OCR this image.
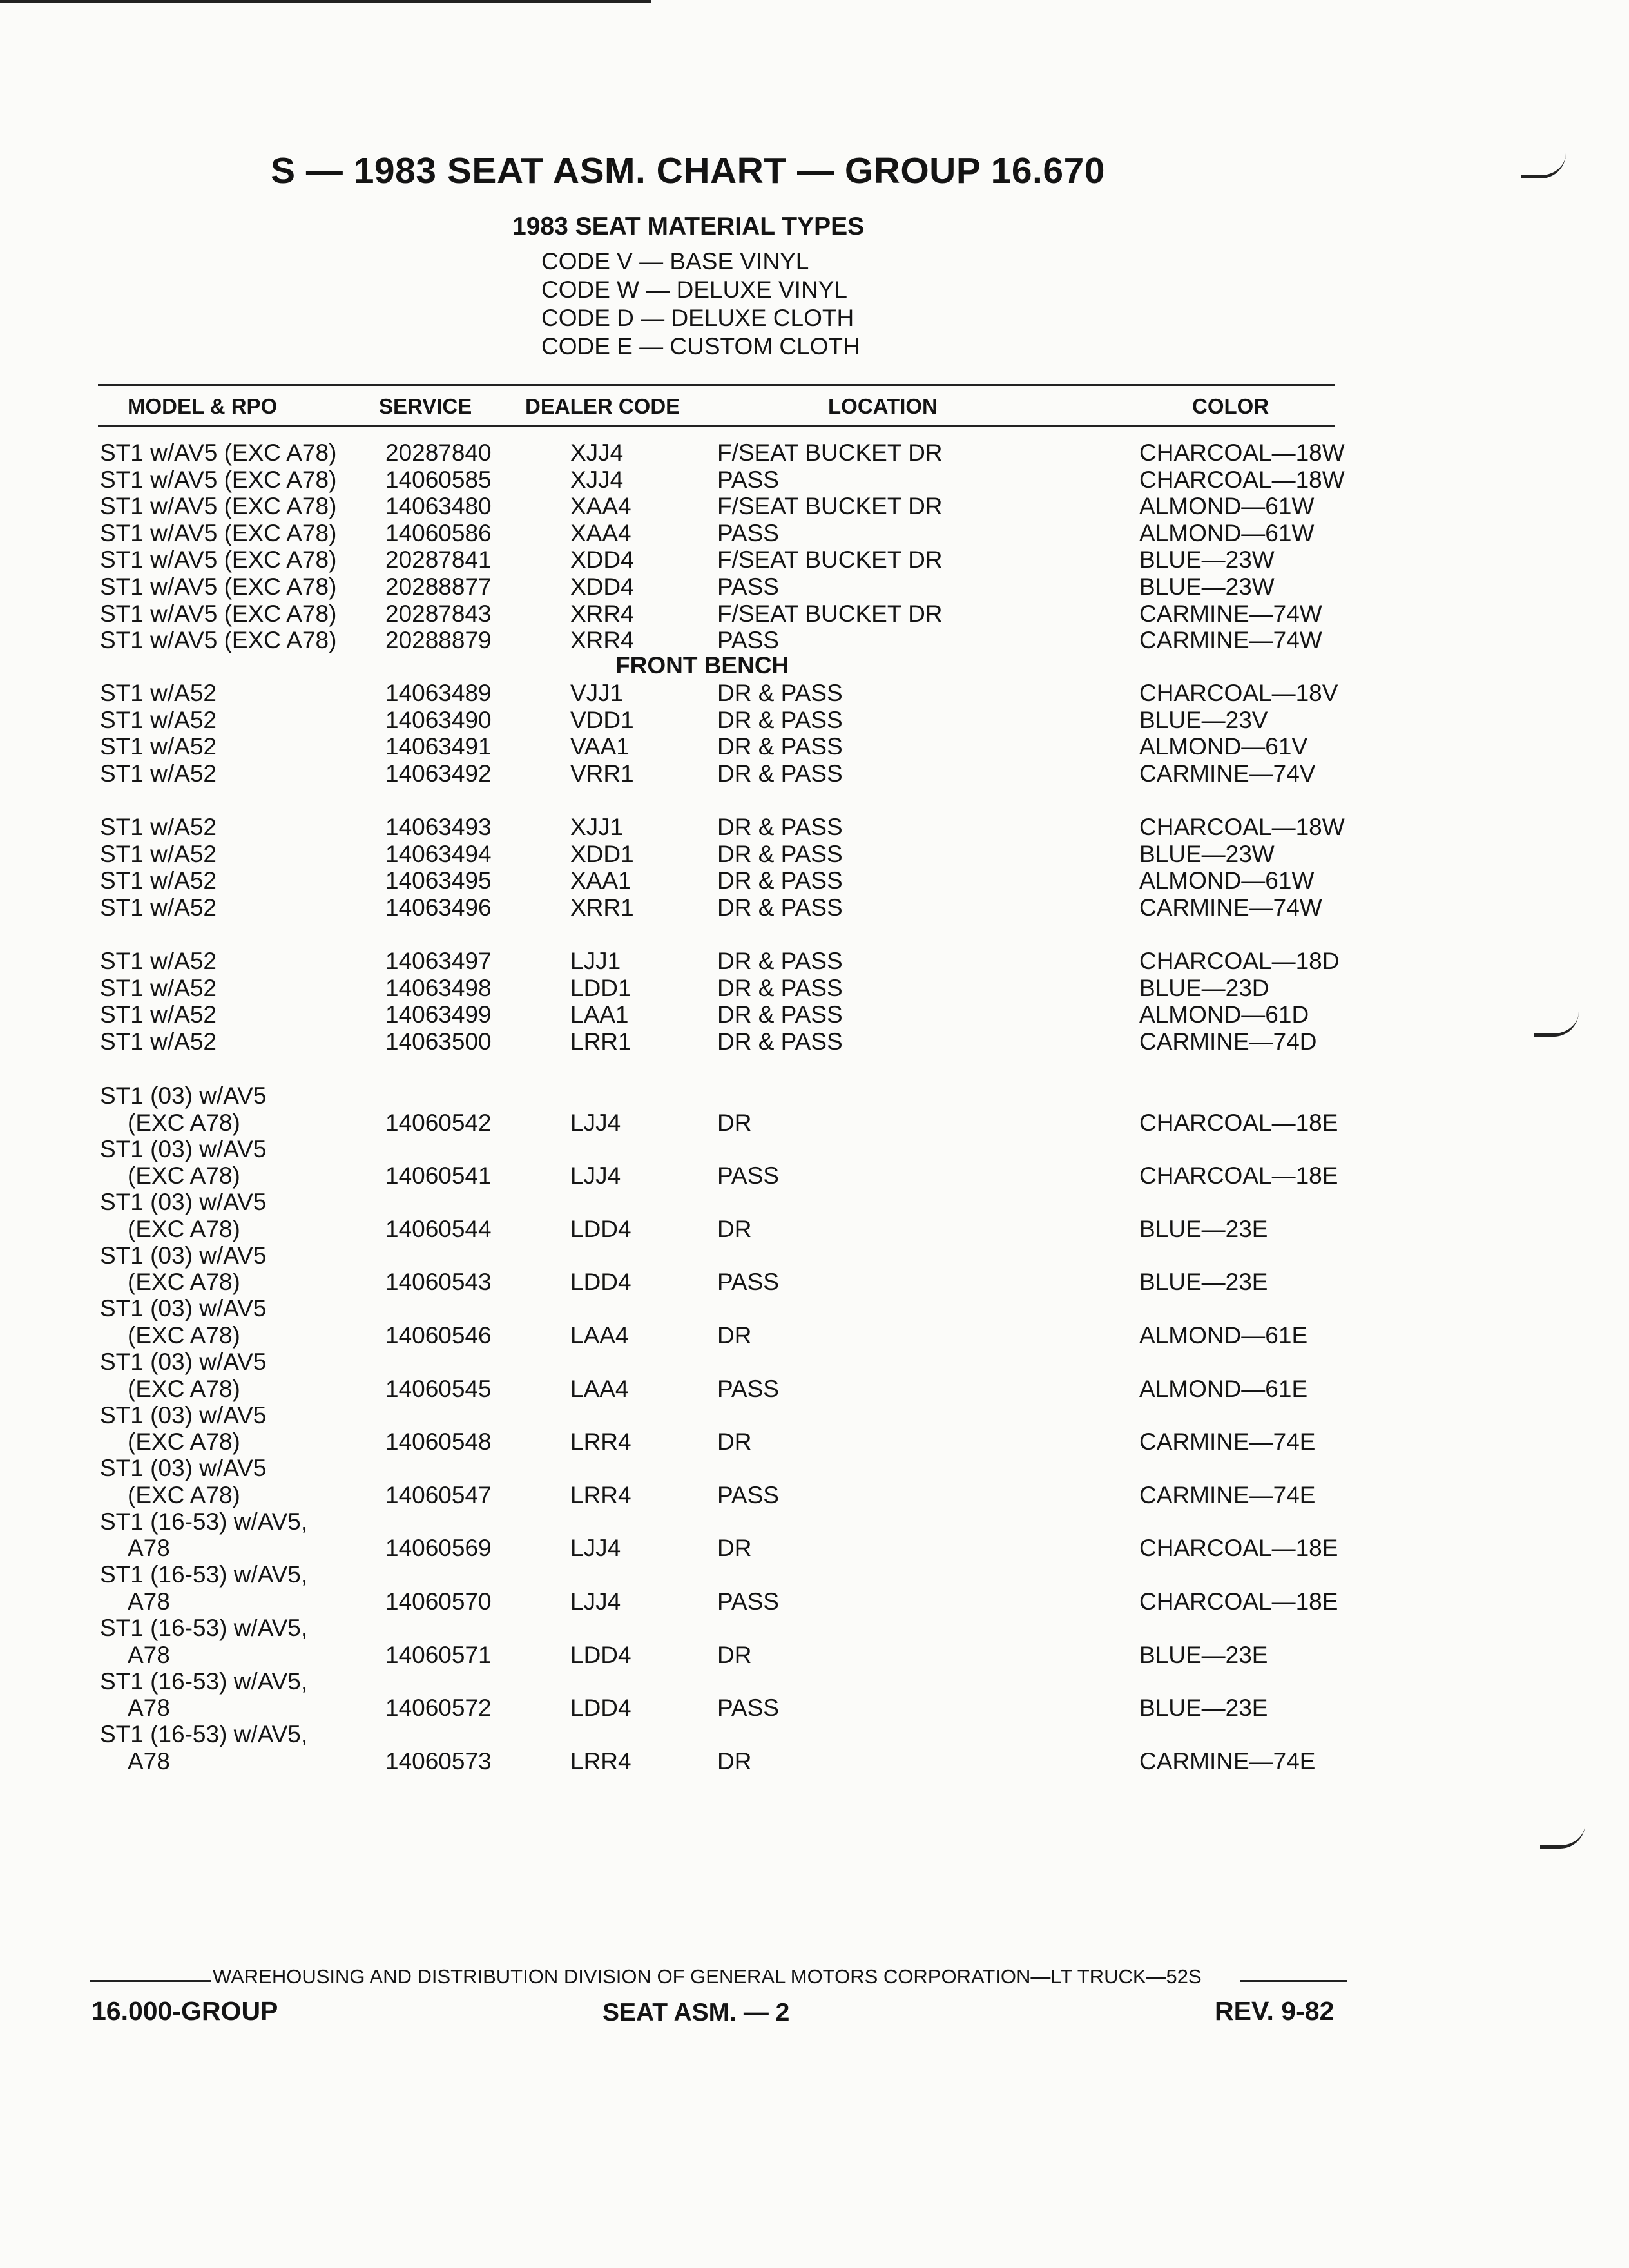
S — 1983 SEAT ASM. CHART — GROUP 16.670
1983 SEAT MATERIAL TYPES
CODE V — BASE VINYL
CODE W — DELUXE VINYL
CODE D — DELUXE CLOTH
CODE E — CUSTOM CLOTH
MODEL & RPO	SERVICE	DEALER CODE	LOCATION	COLOR
ST1 w/AV5 (EXC A78) 20287840	XJJ4	F/SEAT BUCKET DR	CHARCOAL—18W
ST1 w/AV5 (EXC A78) 14060585	XJJ4	PASS	CHARCOAL—18W
ST1 w/AV5 (EXC A78) 14063480	XAA4	F/SEAT BUCKET DR	ALMOND—61W
ST1 w/AV5 (EXC A78) 14060586	XAA4	PASS	ALMOND—61W
ST1 w/AV5 (EXC A78) 20287841	XDD4	F/SEAT BUCKET DR	BLUE—23W
ST1 w/AV5 (EXC A78) 20288877	XDD4	PASS	BLUE—23W
ST1 w/AV5 (EXC A78) 20287843	XRR4	F/SEAT BUCKET DR	CARMINE—74W
ST1 w/AV5 (EXC A78) 20288879	XRR4	PASS	CARMINE—74W
FRONT BENCH
ST1 w/A52	14063489	VJJ1	DR & PASS	CHARCOAL—18V
ST1 w/A52	14063490	VDD1	DR & PASS	BLUE—23V
ST1 w/A52	14063491	VAA1	DR & PASS	ALMOND—61V
ST1 w/A52	14063492	VRR1	DR & PASS	CARMINE—74V
ST1 w/A52	14063493	XJJ1	DR & PASS	CHARCOAL—18W
ST1 w/A52	14063494	XDD1	DR & PASS	BLUE—23W
ST1 w/A52	14063495	XAA1	DR & PASS	ALMOND—61W
ST1 w/A52	14063496	XRR1	DR & PASS	CARMINE—74W
ST1 w/A52	14063497	LJJ1	DR & PASS	CHARCOAL—18D
ST1 w/A52	14063498	LDD1	DR & PASS	BLUE—23D
ST1 w/A52	14063499	LAA1	DR & PASS	ALMOND—61D
ST1 w/A52	14063500	LRR1	DR & PASS	CARMINE—74D
ST1 (03) w/AV5
(EXC A78)	14060542	LJJ4	DR	CHARCOAL—18E
ST1 (03) w/AV5
(EXC A78)	14060541	LJJ4	PASS	CHARCOAL—18E
ST1 (03) w/AV5
(EXC A78)	14060544	LDD4	DR	BLUE—23E
ST1 (03) w/AV5
(EXC A78)	14060543	LDD4	PASS	BLUE—23E
ST1 (03) w/AV5
(EXC A78)	14060546	LAA4	DR	ALMOND—61E
ST1 (03) w/AV5
(EXC A78)	14060545	LAA4	PASS	ALMOND—61E
ST1 (03) w/AV5
(EXC A78)	14060548	LRR4	DR	CARMINE—74E
ST1 (03) w/AV5
(EXC A78)	14060547	LRR4	PASS	CARMINE—74E
ST1 (16-53) w/AV5,
A78	14060569	LJJ4	DR	CHARCOAL—18E
ST1 (16-53) w/AV5,
A78	14060570	LJJ4	PASS	CHARCOAL—18E
ST1 (16-53) w/AV5,
A78	14060571	LDD4	DR	BLUE—23E
ST1 (16-53) w/AV5,
A78	14060572	LDD4	PASS	BLUE—23E
ST1 (16-53) w/AV5,
A78	14060573	LRR4	DR	CARMINE—74E
WAREHOUSING AND DISTRIBUTION DIVISION OF GENERAL MOTORS CORPORATION—LT TRUCK—52S
16.000-GROUP	SEAT ASM. — 2	REV. 9-82
